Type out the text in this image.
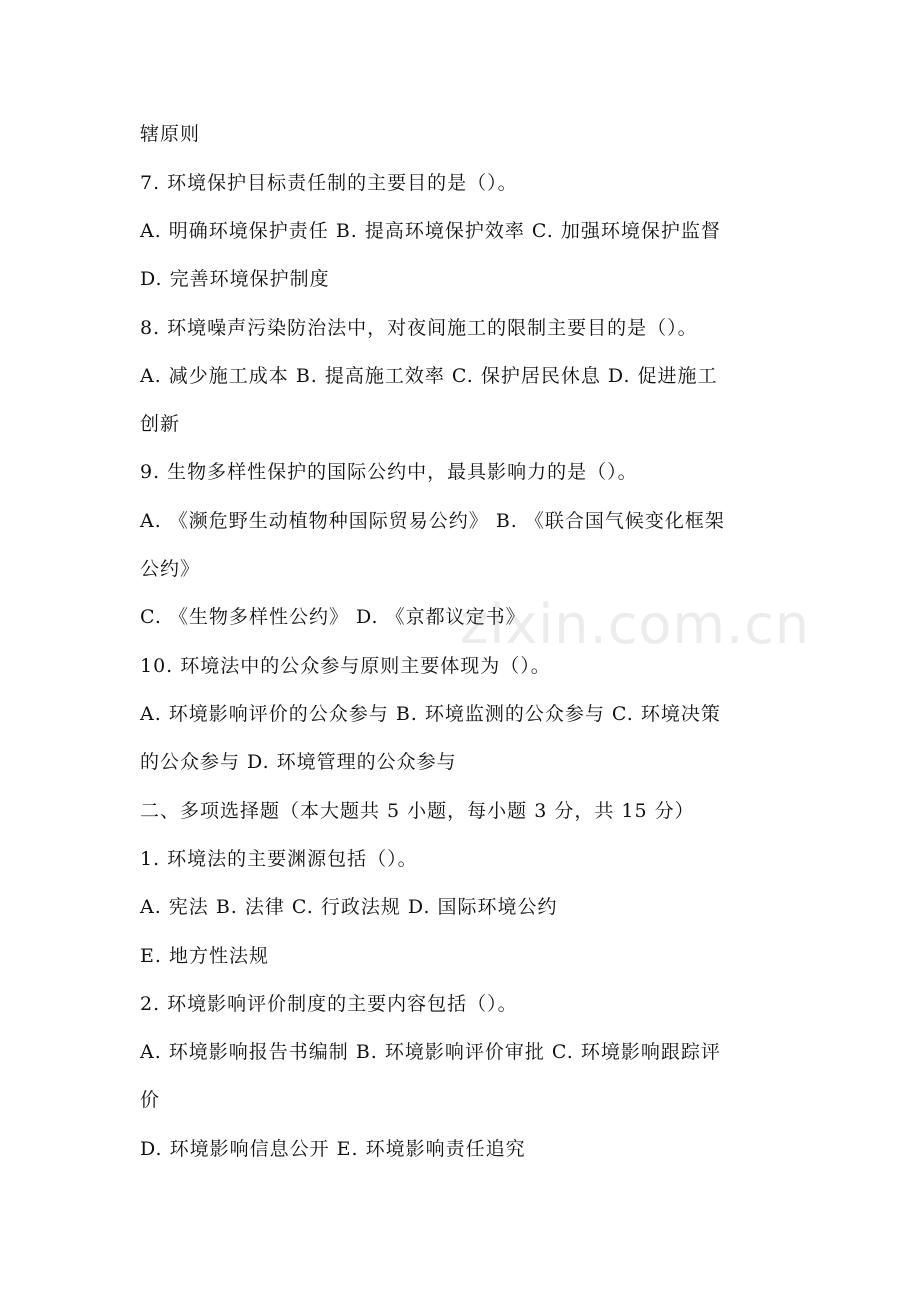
辖原则
7. 环境保护目标责任制的主要目的是（）。
A. 明确环境保护责任 B. 提高环境保护效率 C. 加强环境保护监督
D. 完善环境保护制度
8. 环境噪声污染防治法中，对夜间施工的限制主要目的是（）。
A. 减少施工成本 B. 提高施工效率 C. 保护居民休息 D. 促进施工
创新
9. 生物多样性保护的国际公约中，最具影响力的是（）。
A. 《濒危野生动植物种国际贸易公约》 B. 《联合国气候变化框架
公约》
C. 《生物多样性公约》 D. 《京都议定书》
10. 环境法中的公众参与原则主要体现为（）。
A. 环境影响评价的公众参与 B. 环境监测的公众参与 C. 环境决策
的公众参与 D. 环境管理的公众参与
二、多项选择题（本大题共 5 小题，每小题 3 分，共 15 分）
1. 环境法的主要渊源包括（）。
A. 宪法 B. 法律 C. 行政法规 D. 国际环境公约
E. 地方性法规
2. 环境影响评价制度的主要内容包括（）。
A. 环境影响报告书编制 B. 环境影响评价审批 C. 环境影响跟踪评
价
D. 环境影响信息公开 E. 环境影响责任追究
zixin.com.cn
